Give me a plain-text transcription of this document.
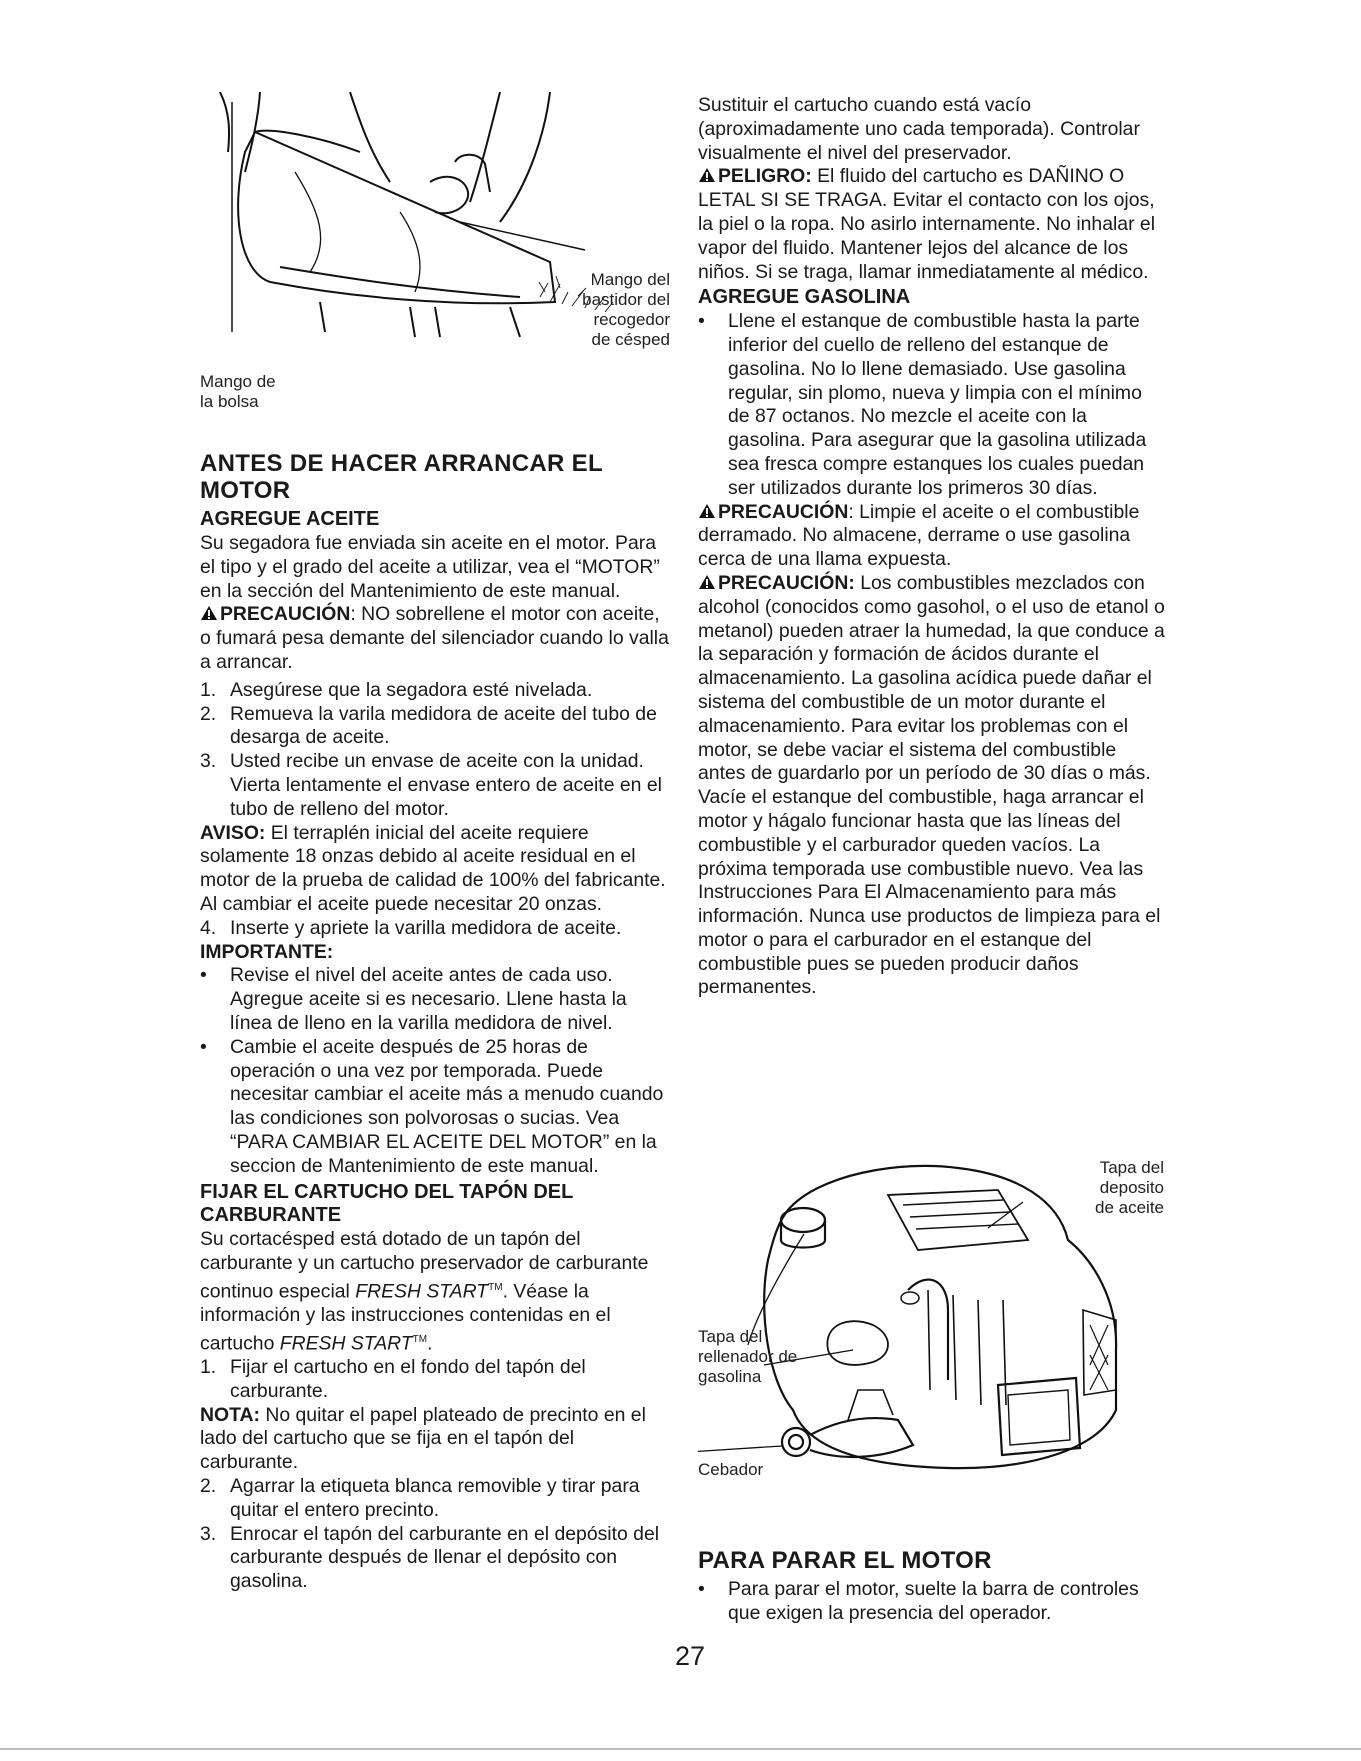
Mango del
bastidor del
recogedor
de césped
Mango de
la bolsa
ANTES DE HACER ARRANCAR EL
MOTOR
AGREGUE ACEITE

Su segadora fue enviada sin aceite en el motor. Para el tipo y el grado del aceite a utilizar, vea el “MOTOR” en la sección del Mantenimiento de este manual.

PRECAUCIÓN: NO sobrellene el motor con aceite, o fumará pesa demante del silenciador cuando lo valla a arrancar.

1. Asegúrese que la segadora esté nivelada.
2. Remueva la varila medidora de aceite del tubo de desarga de aceite.
3. Usted recibe un envase de aceite con la unidad. Vierta lentamente el envase entero de aceite en el tubo de relleno del motor.

AVISO: El terraplén inicial del aceite requiere solamente 18 onzas debido al aceite residual en el motor de la prueba de calidad de 100% del fabricante. Al cambiar el aceite puede necesitar 20 onzas.

4. Inserte y apriete la varilla medidora de aceite.

IMPORTANTE:

• Revise el nivel del aceite antes de cada uso. Agregue aceite si es necesario. Llene hasta la línea de lleno en la varilla medidora de nivel.
• Cambie el aceite después de 25 horas de operación o una vez por temporada. Puede necesitar cambiar el aceite más a menudo cuando las condiciones son polvorosas o sucias. Vea “PARA CAMBIAR EL ACEITE DEL MOTOR” en la seccion de Mantenimiento de este manual.
FIJAR EL CARTUCHO DEL TAPÓN DEL
CARBURANTE

Su cortacésped está dotado de un tapón del carburante y un cartucho preservador de carburante continuo especial FRESH START™. Véase la información y las instrucciones contenidas en el cartucho FRESH START™.

1. Fijar el cartucho en el fondo del tapón del carburante.

NOTA: No quitar el papel plateado de precinto en el lado del cartucho que se fija en el tapón del carburante.

2. Agarrar la etiqueta blanca removible y tirar para quitar el entero precinto.
3. Enrocar el tapón del carburante en el depósito del carburante después de llenar el depósito con gasolina.

Sustituir el cartucho cuando está vacío (aproximadamente uno cada temporada). Controlar visualmente el nivel del preservador.

PELIGRO: El fluido del cartucho es DAÑINO O LETAL SI SE TRAGA. Evitar el contacto con los ojos, la piel o la ropa. No asirlo internamente. No inhalar el vapor del fluido. Mantener lejos del alcance de los niños. Si se traga, llamar inmediatamente al médico.

AGREGUE GASOLINA
• Llene el estanque de combustible hasta la parte inferior del cuello de relleno del estanque de gasolina. No lo llene demasiado. Use gasolina regular, sin plomo, nueva y limpia con el mínimo de 87 octanos. No mezcle el aceite con la gasolina. Para asegurar que la gasolina utilizada sea fresca compre estanques los cuales puedan ser utilizados durante los primeros 30 días.

PRECAUCIÓN: Limpie el aceite o el combustible derramado. No almacene, derrame o use gasolina cerca de una llama expuesta.

PRECAUCIÓN: Los combustibles mezclados con alcohol (conocidos como gasohol, o el uso de etanol o metanol) pueden atraer la humedad, la que conduce a la separación y formación de ácidos durante el almacenamiento. La gasolina acídica puede dañar el sistema del combustible de un motor durante el almacenamiento. Para evitar los problemas con el motor, se debe vaciar el sistema del combustible antes de guardarlo por un período de 30 días o más. Vacíe el estanque del combustible, haga arrancar el motor y hágalo funcionar hasta que las líneas del combustible y el carburador queden vacíos. La próxima temporada use combustible nuevo. Vea las Instrucciones Para El Almacenamiento para más información. Nunca use productos de limpieza para el motor o para el carburador en el estanque del combustible pues se pueden producir daños permanentes.

Tapa del
deposito
de aceite
Tapa del
rellenador de
gasolina
Cebador
PARA PARAR EL MOTOR
• Para parar el motor, suelte la barra de controles que exigen la presencia del operador.
27
